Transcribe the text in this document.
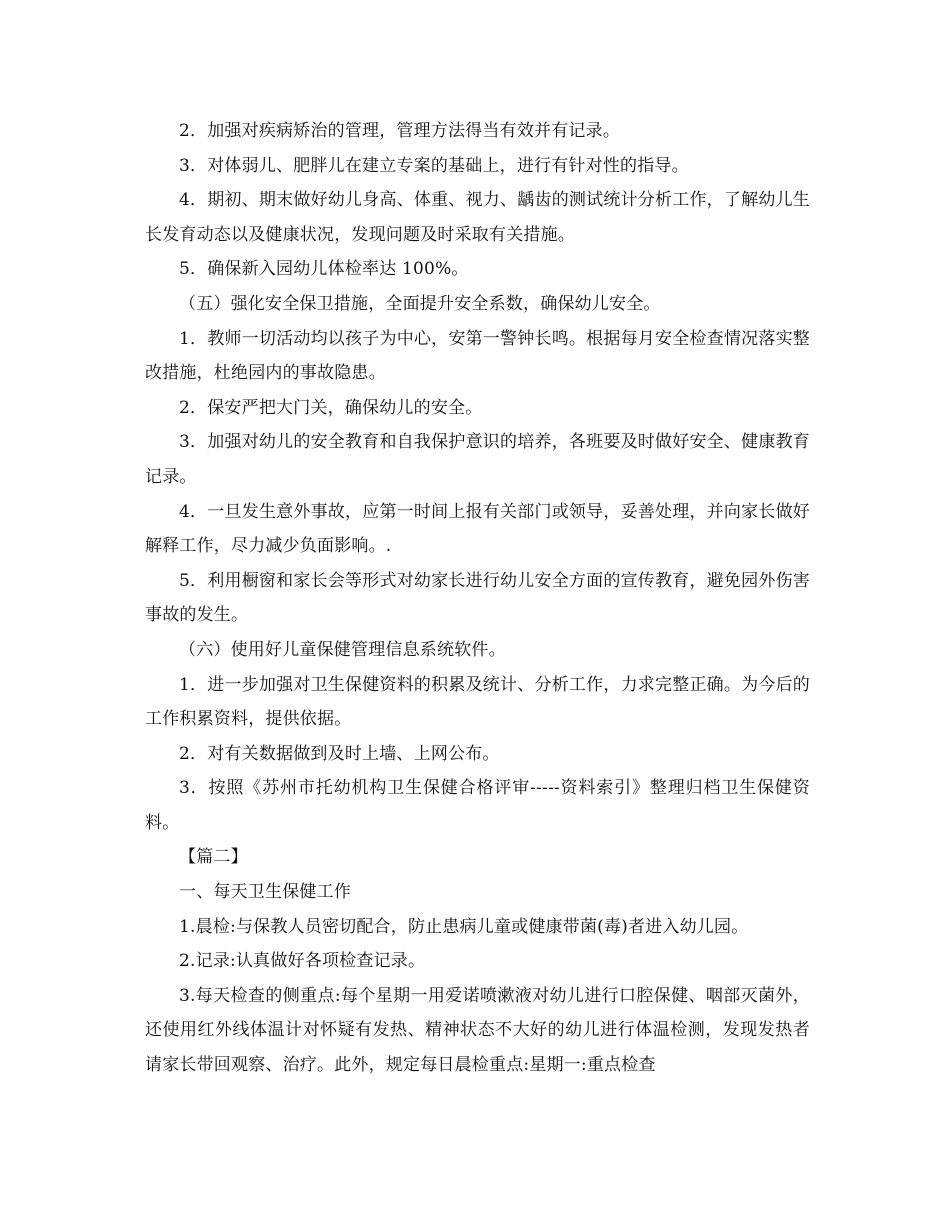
2．加强对疾病矫治的管理，管理方法得当有效并有记录。

3．对体弱儿、肥胖儿在建立专案的基础上，进行有针对性的指导。

4．期初、期末做好幼儿身高、体重、视力、龋齿的测试统计分析工作，了解幼儿生长发育动态以及健康状况，发现问题及时采取有关措施。

5．确保新入园幼儿体检率达 100%。

（五）强化安全保卫措施，全面提升安全系数，确保幼儿安全。

1．教师一切活动均以孩子为中心，安第一警钟长鸣。根据每月安全检查情况落实整改措施，杜绝园内的事故隐患。

2．保安严把大门关，确保幼儿的安全。

3．加强对幼儿的安全教育和自我保护意识的培养，各班要及时做好安全、健康教育记录。

4．一旦发生意外事故，应第一时间上报有关部门或领导，妥善处理，并向家长做好解释工作，尽力减少负面影响。.

5．利用橱窗和家长会等形式对幼家长进行幼儿安全方面的宣传教育，避免园外伤害事故的发生。

（六）使用好儿童保健管理信息系统软件。

1．进一步加强对卫生保健资料的积累及统计、分析工作，力求完整正确。为今后的工作积累资料，提供依据。

2．对有关数据做到及时上墙、上网公布。

3．按照《苏州市托幼机构卫生保健合格评审-----资料索引》整理归档卫生保健资料。

【篇二】

一、每天卫生保健工作

1.晨检:与保教人员密切配合，防止患病儿童或健康带菌(毒)者进入幼儿园。

2.记录:认真做好各项检查记录。

3.每天检查的侧重点:每个星期一用爱诺喷漱液对幼儿进行口腔保健、咽部灭菌外，还使用红外线体温计对怀疑有发热、精神状态不大好的幼儿进行体温检测，发现发热者请家长带回观察、治疗。此外，规定每日晨检重点:星期一:重点检查
